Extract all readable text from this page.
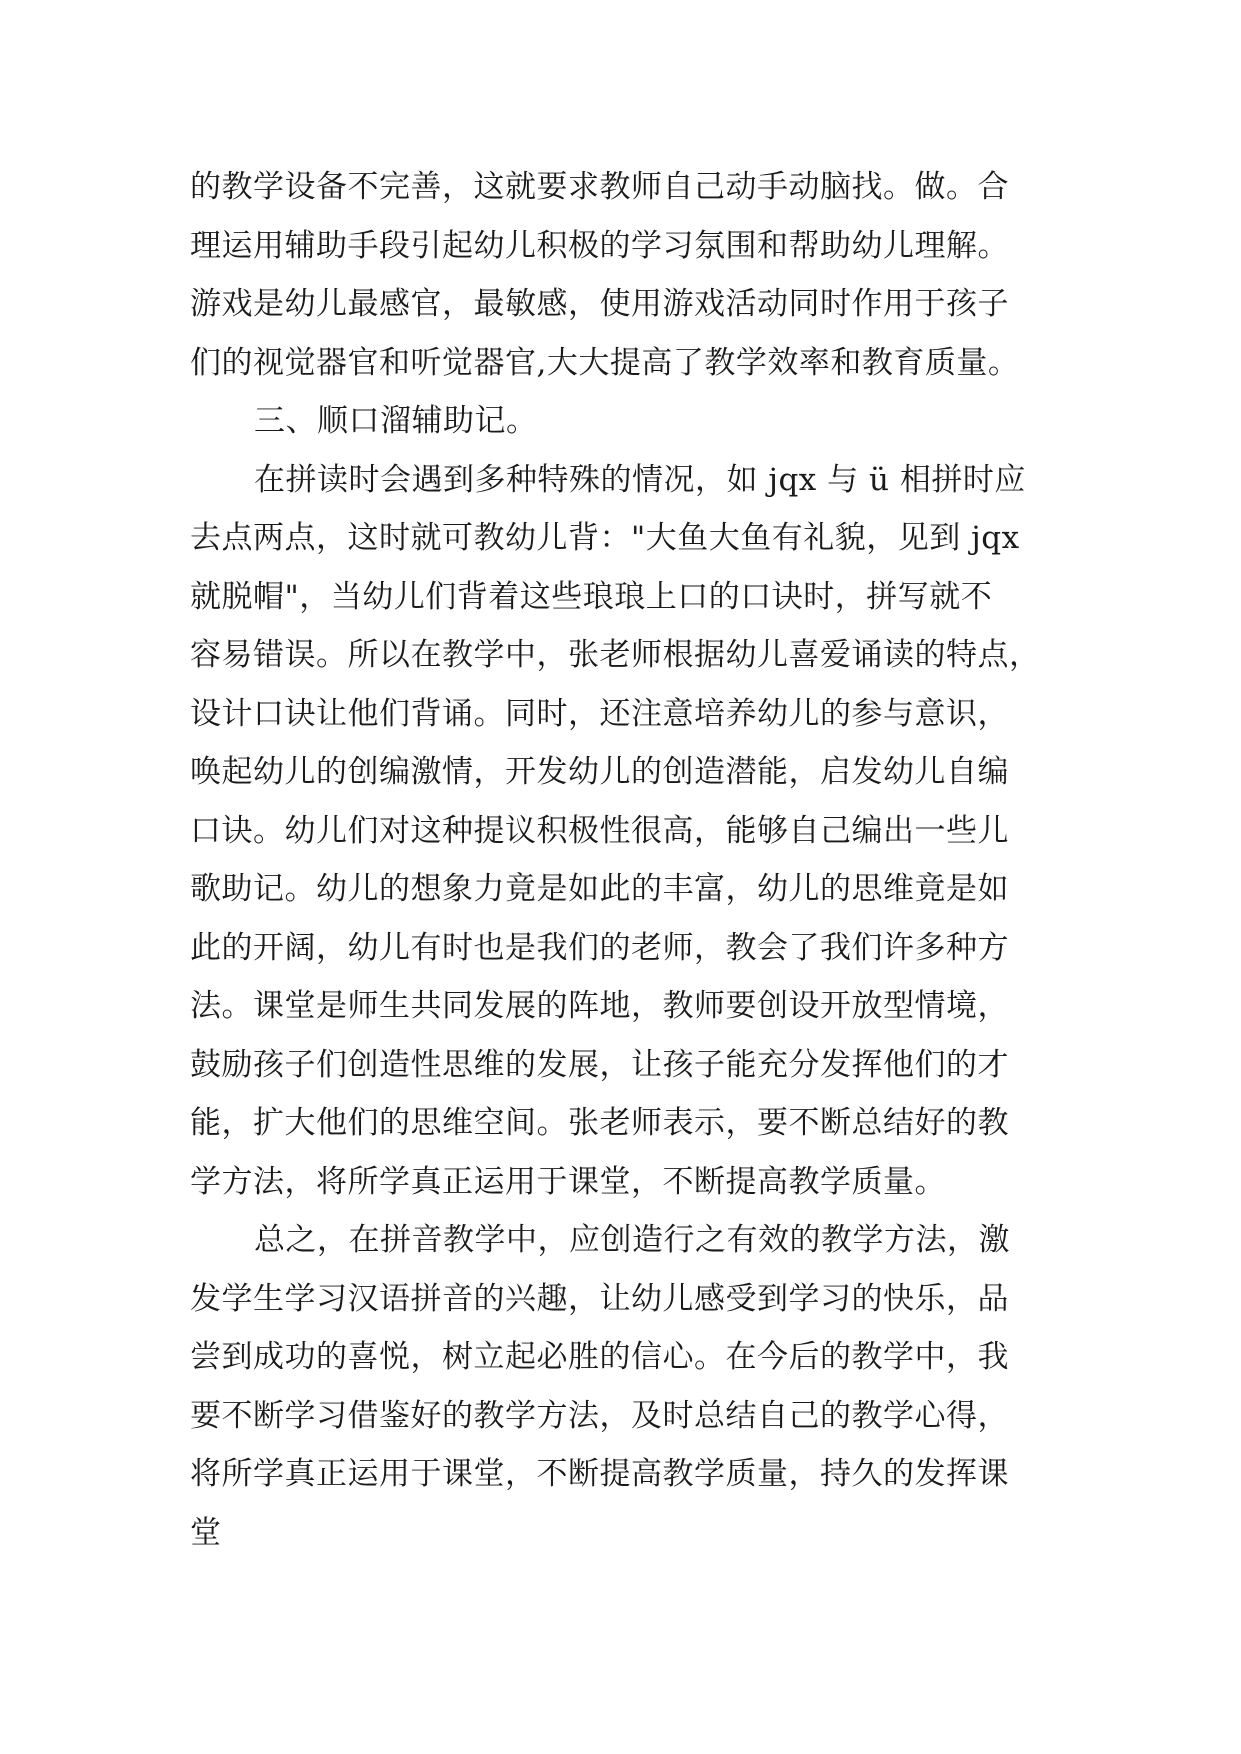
的教学设备不完善，这就要求教师自己动手动脑找。做。合
理运用辅助手段引起幼儿积极的学习氛围和帮助幼儿理解。
游戏是幼儿最感官，最敏感，使用游戏活动同时作用于孩子
们的视觉器官和听觉器官,大大提高了教学效率和教育质量。
三、顺口溜辅助记。
在拼读时会遇到多种特殊的情况，如 jqx 与 ü 相拼时应
去点两点，这时就可教幼儿背："大鱼大鱼有礼貌，见到 jqx
就脱帽"，当幼儿们背着这些琅琅上口的口诀时，拼写就不
容易错误。所以在教学中，张老师根据幼儿喜爱诵读的特点，
设计口诀让他们背诵。同时，还注意培养幼儿的参与意识，
唤起幼儿的创编激情，开发幼儿的创造潜能，启发幼儿自编
口诀。幼儿们对这种提议积极性很高，能够自己编出一些儿
歌助记。幼儿的想象力竟是如此的丰富，幼儿的思维竟是如
此的开阔，幼儿有时也是我们的老师，教会了我们许多种方
法。课堂是师生共同发展的阵地，教师要创设开放型情境，
鼓励孩子们创造性思维的发展，让孩子能充分发挥他们的才
能，扩大他们的思维空间。张老师表示，要不断总结好的教
学方法，将所学真正运用于课堂，不断提高教学质量。
总之，在拼音教学中，应创造行之有效的教学方法，激
发学生学习汉语拼音的兴趣，让幼儿感受到学习的快乐，品
尝到成功的喜悦，树立起必胜的信心。在今后的教学中，我
要不断学习借鉴好的教学方法，及时总结自己的教学心得，
将所学真正运用于课堂，不断提高教学质量，持久的发挥课
堂
